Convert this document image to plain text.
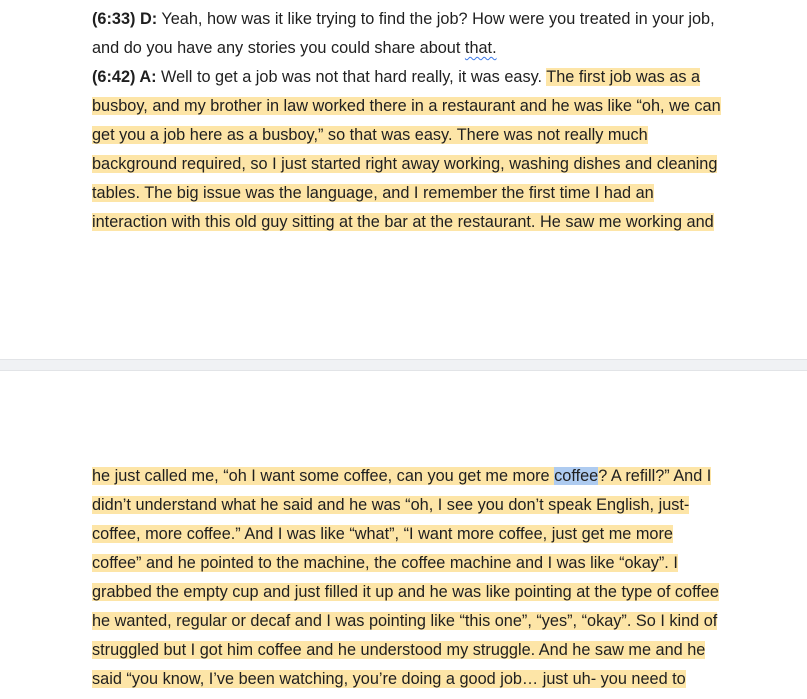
(6:33) D: Yeah, how was it like trying to find the job? How were you treated in your job,
and do you have any stories you could share about that.
(6:42) A: Well to get a job was not that hard really, it was easy. The first job was as a
busboy, and my brother in law worked there in a restaurant and he was like “oh, we can
get you a job here as a busboy,” so that was easy. There was not really much
background required, so I just started right away working, washing dishes and cleaning
tables. The big issue was the language, and I remember the first time I had an
interaction with this old guy sitting at the bar at the restaurant. He saw me working and
he just called me, “oh I want some coffee, can you get me more coffee? A refill?” And I
didn’t understand what he said and he was “oh, I see you don’t speak English, just-
coffee, more coffee.” And I was like “what”, “I want more coffee, just get me more
coffee” and he pointed to the machine, the coffee machine and I was like “okay”. I
grabbed the empty cup and just filled it up and he was like pointing at the type of coffee
he wanted, regular or decaf and I was pointing like “this one”, “yes”, “okay”. So I kind of
struggled but I got him coffee and he understood my struggle. And he saw me and he
said “you know, I’ve been watching, you’re doing a good job… just uh- you need to
